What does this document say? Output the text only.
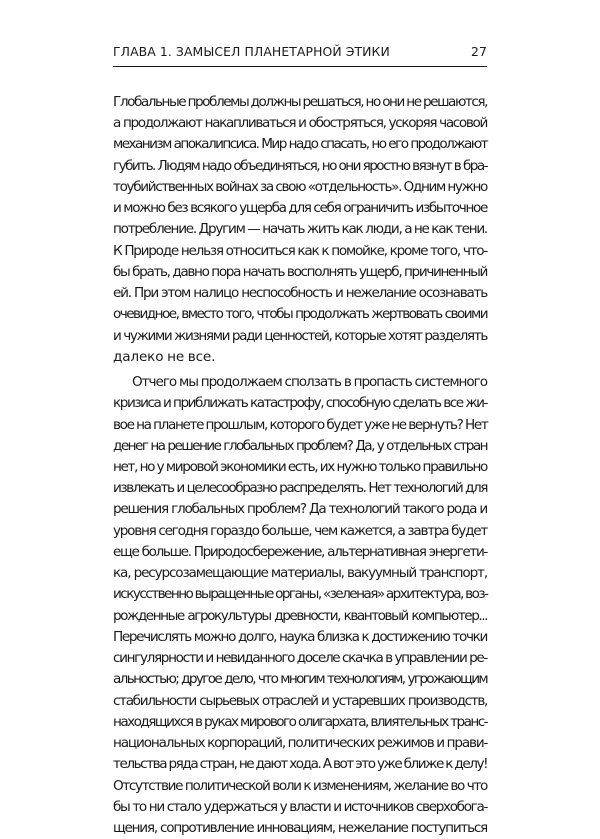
ГЛАВА 1. ЗАМЫСЕЛ ПЛАНЕТАРНОЙ ЭТИКИ	27
Глобальные проблемы должны решаться, но они не решаются,
а продолжают накапливаться и обостряться, ускоряя часовой
механизм апокалипсиса. Мир надо спасать, но его продолжают
губить. Людям надо объединяться, но они яростно вязнут в бра-
тоубийственных войнах за свою «отдельность». Одним нужно
и можно без всякого ущерба для себя ограничить избыточное
потребление. Другим — начать жить как люди, а не как тени.
К Природе нельзя относиться как к помойке, кроме того, что-
бы брать, давно пора начать восполнять ущерб, причиненный
ей. При этом налицо неспособность и нежелание осознавать
очевидное, вместо того, чтобы продолжать жертвовать своими
и чужими жизнями ради ценностей, которые хотят разделять
далеко не все.
Отчего мы продолжаем сползать в пропасть системного
кризиса и приближать катастрофу, способную сделать все жи-
вое на планете прошлым, которого будет уже не вернуть? Нет
денег на решение глобальных проблем? Да, у отдельных стран
нет, но у мировой экономики есть, их нужно только правильно
извлекать и целесообразно распределять. Нет технологий для
решения глобальных проблем? Да технологий такого рода и
уровня сегодня гораздо больше, чем кажется, а завтра будет
еще больше. Природосбережение, альтернативная энергети-
ка, ресурсозамещающие материалы, вакуумный транспорт,
искусственно выращенные органы, «зеленая» архитектура, воз-
рожденные агрокультуры древности, квантовый компьютер...
Перечислять можно долго, наука близка к достижению точки
сингулярности и невиданного доселе скачка в управлении ре-
альностью; другое дело, что многим технологиям, угрожающим
стабильности сырьевых отраслей и устаревших производств,
находящихся в руках мирового олигархата, влиятельных транс-
национальных корпораций, политических режимов и прави-
тельства ряда стран, не дают хода. А вот это уже ближе к делу!
Отсутствие политической воли к изменениям, желание во что
бы то ни стало удержаться у власти и источников сверхобога-
щения, сопротивление инновациям, нежелание поступиться
